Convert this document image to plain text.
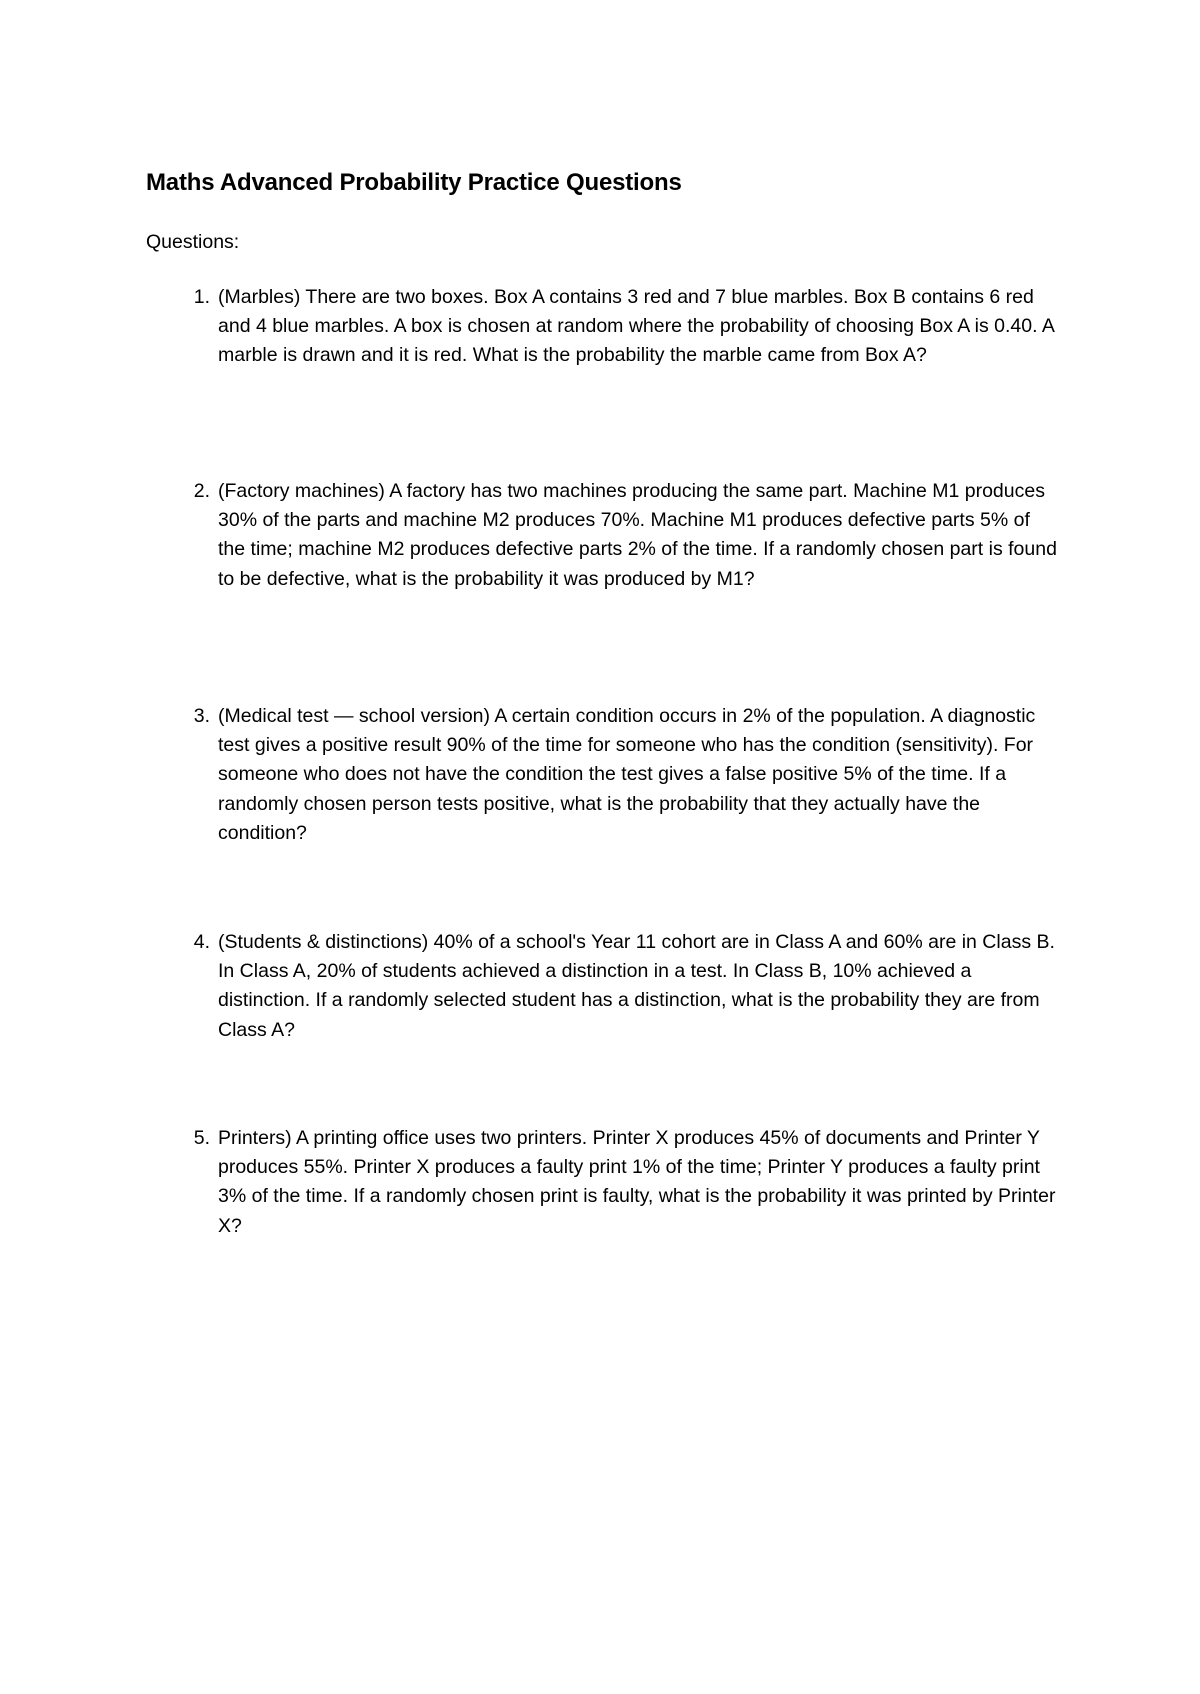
Maths Advanced Probability Practice Questions

Questions:

1. (Marbles) There are two boxes. Box A contains 3 red and 7 blue marbles. Box B contains 6 red and 4 blue marbles. A box is chosen at random where the probability of choosing Box A is 0.40. A marble is drawn and it is red. What is the probability the marble came from Box A?
2. (Factory machines) A factory has two machines producing the same part. Machine M1 produces 30% of the parts and machine M2 produces 70%. Machine M1 produces defective parts 5% of the time; machine M2 produces defective parts 2% of the time. If a randomly chosen part is found to be defective, what is the probability it was produced by M1?
3. (Medical test — school version) A certain condition occurs in 2% of the population. A diagnostic test gives a positive result 90% of the time for someone who has the condition (sensitivity). For someone who does not have the condition the test gives a false positive 5% of the time. If a randomly chosen person tests positive, what is the probability that they actually have the condition?
4. (Students & distinctions) 40% of a school's Year 11 cohort are in Class A and 60% are in Class B. In Class A, 20% of students achieved a distinction in a test. In Class B, 10% achieved a distinction. If a randomly selected student has a distinction, what is the probability they are from Class A?
5. Printers) A printing office uses two printers. Printer X produces 45% of documents and Printer Y produces 55%. Printer X produces a faulty print 1% of the time; Printer Y produces a faulty print 3% of the time. If a randomly chosen print is faulty, what is the probability it was printed by Printer X?
